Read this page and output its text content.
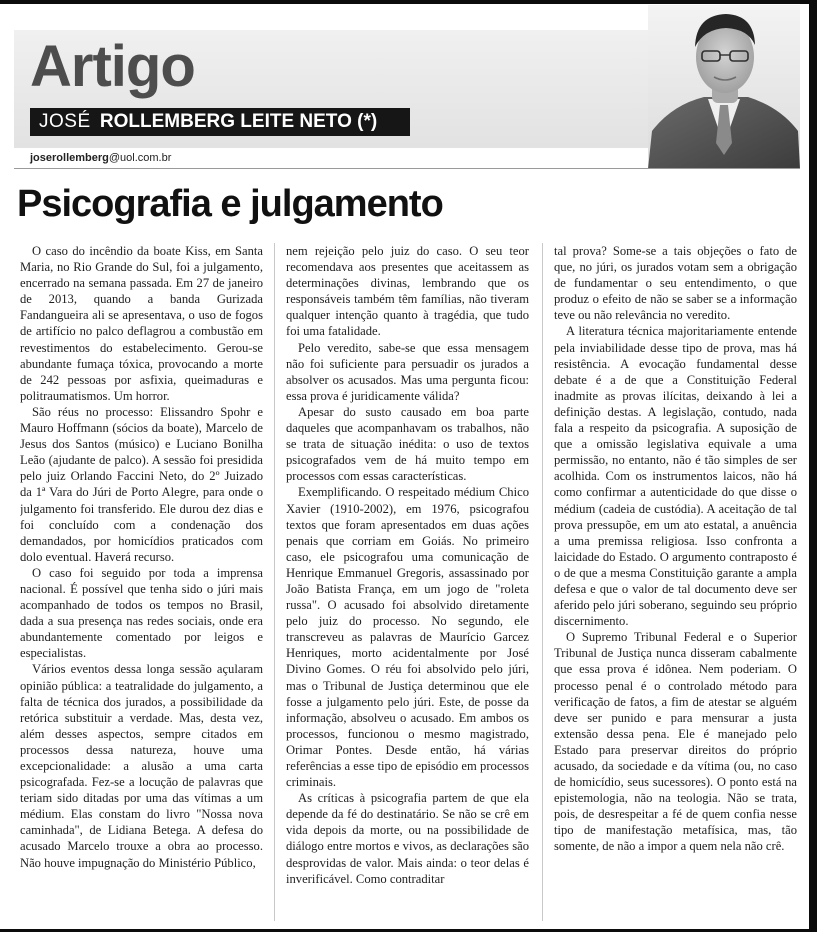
Artigo
JOSÉ ROLLEMBERG LEITE NETO (*)
joserollemberg@uol.com.br
Psicografia e julgamento

O caso do incêndio da boate Kiss, em Santa Maria, no Rio Grande do Sul, foi a julgamento, encerrado na semana passada. Em 27 de janeiro de 2013, quando a banda Gurizada Fandangueira ali se apresentava, o uso de fogos de artifício no palco deflagrou a combustão em revestimentos do estabelecimento. Gerou-se abundante fumaça tóxica, provocando a morte de 242 pessoas por asfixia, queimaduras e politraumatismos. Um horror.

São réus no processo: Elissandro Spohr e Mauro Hoffmann (sócios da boate), Marcelo de Jesus dos Santos (músico) e Luciano Bonilha Leão (ajudante de palco). A sessão foi presidida pelo juiz Orlando Faccini Neto, do 2º Juizado da 1ª Vara do Júri de Porto Alegre, para onde o julgamento foi transferido. Ele durou dez dias e foi concluído com a condenação dos demandados, por homicídios praticados com dolo eventual. Haverá recurso.

O caso foi seguido por toda a imprensa nacional. É possível que tenha sido o júri mais acompanhado de todos os tempos no Brasil, dada a sua presença nas redes sociais, onde era abundantemente comentado por leigos e especialistas.

Vários eventos dessa longa sessão açularam opinião pública: a teatralidade do julgamento, a falta de técnica dos jurados, a possibilidade da retórica substituir a verdade. Mas, desta vez, além desses aspectos, sempre citados em processos dessa natureza, houve uma excepcionalidade: a alusão a uma carta psicografada. Fez-se a locução de palavras que teriam sido ditadas por uma das vítimas a um médium. Elas constam do livro "Nossa nova caminhada", de Lidiana Betega. A defesa do acusado Marcelo trouxe a obra ao processo. Não houve impugnação do Ministério Público,

nem rejeição pelo juiz do caso. O seu teor recomendava aos presentes que aceitassem as determinações divinas, lembrando que os responsáveis também têm famílias, não tiveram qualquer intenção quanto à tragédia, que tudo foi uma fatalidade.

Pelo veredito, sabe-se que essa mensagem não foi suficiente para persuadir os jurados a absolver os acusados. Mas uma pergunta ficou: essa prova é juridicamente válida?

Apesar do susto causado em boa parte daqueles que acompanhavam os trabalhos, não se trata de situação inédita: o uso de textos psicografados vem de há muito tempo em processos com essas características.

Exemplificando. O respeitado médium Chico Xavier (1910-2002), em 1976, psicografou textos que foram apresentados em duas ações penais que corriam em Goiás. No primeiro caso, ele psicografou uma comunicação de Henrique Emmanuel Gregoris, assassinado por João Batista França, em um jogo de "roleta russa". O acusado foi absolvido diretamente pelo juiz do processo. No segundo, ele transcreveu as palavras de Maurício Garcez Henriques, morto acidentalmente por José Divino Gomes. O réu foi absolvido pelo júri, mas o Tribunal de Justiça determinou que ele fosse a julgamento pelo júri. Este, de posse da informação, absolveu o acusado. Em ambos os processos, funcionou o mesmo magistrado, Orimar Pontes. Desde então, há várias referências a esse tipo de episódio em processos criminais.

As críticas à psicografia partem de que ela depende da fé do destinatário. Se não se crê em vida depois da morte, ou na possibilidade de diálogo entre mortos e vivos, as declarações são desprovidas de valor. Mais ainda: o teor delas é inverificável. Como contraditar

tal prova? Some-se a tais objeções o fato de que, no júri, os jurados votam sem a obrigação de fundamentar o seu entendimento, o que produz o efeito de não se saber se a informação teve ou não relevância no veredito.

A literatura técnica majoritariamente entende pela inviabilidade desse tipo de prova, mas há resistência. A evocação fundamental desse debate é a de que a Constituição Federal inadmite as provas ilícitas, deixando à lei a definição destas. A legislação, contudo, nada fala a respeito da psicografia. A suposição de que a omissão legislativa equivale a uma permissão, no entanto, não é tão simples de ser acolhida. Com os instrumentos laicos, não há como confirmar a autenticidade do que disse o médium (cadeia de custódia). A aceitação de tal prova pressupõe, em um ato estatal, a anuência a uma premissa religiosa. Isso confronta a laicidade do Estado. O argumento contraposto é o de que a mesma Constituição garante a ampla defesa e que o valor de tal documento deve ser aferido pelo júri soberano, seguindo seu próprio discernimento.

O Supremo Tribunal Federal e o Superior Tribunal de Justiça nunca disseram cabalmente que essa prova é idônea. Nem poderiam. O processo penal é o controlado método para verificação de fatos, a fim de atestar se alguém deve ser punido e para mensurar a justa extensão dessa pena. Ele é manejado pelo Estado para preservar direitos do próprio acusado, da sociedade e da vítima (ou, no caso de homicídio, seus sucessores). O ponto está na epistemologia, não na teologia. Não se trata, pois, de desrespeitar a fé de quem confia nesse tipo de manifestação metafísica, mas, tão somente, de não a impor a quem nela não crê.
